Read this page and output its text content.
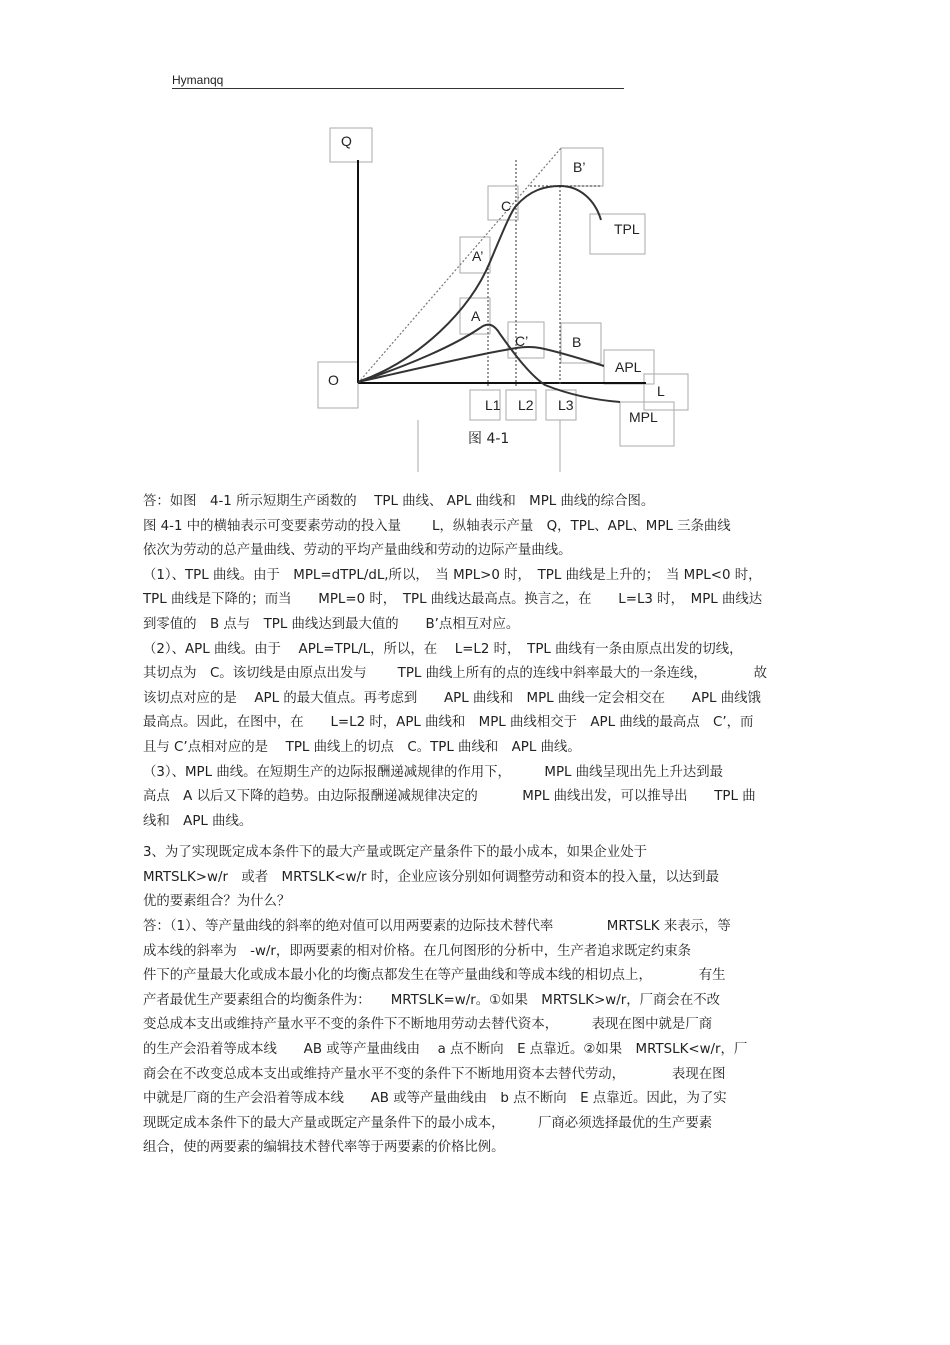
Hymanqq
Q
B’
C
TPL
A’
A
C’	B
APL
O
L
MPL
L1 L2 L3
图 4-1
答：如图　4-1 所示短期生产函数的　 TPL 曲线、 APL 曲线和　MPL 曲线的综合图。
图 4-1 中的横轴表示可变要素劳动的投入量　　 L，纵轴表示产量　Q，TPL、APL、MPL 三条曲线
依次为劳动的总产量曲线、劳动的平均产量曲线和劳动的边际产量曲线。
（1）、TPL 曲线。由于　MPL=dTPL/dL,所以，　当 MPL>0 时，　TPL 曲线是上升的；　当 MPL<0 时，
TPL 曲线是下降的；而当　　MPL=0 时，　TPL 曲线达最高点。换言之，在　　L=L3 时，　MPL 曲线达
到零值的　B 点与　TPL 曲线达到最大值的　　B’点相互对应。
（2）、APL 曲线。由于　 APL=TPL/L，所以，在　 L=L2 时，　TPL 曲线有一条由原点出发的切线，
其切点为　C。该切线是由原点出发与　　 TPL 曲线上所有的点的连线中斜率最大的一条连线，　　　　故
该切点对应的是　 APL 的最大值点。再考虑到　　APL 曲线和　MPL 曲线一定会相交在　　APL 曲线饿
最高点。因此，在图中，在　　L=L2 时，APL 曲线和　MPL 曲线相交于　APL 曲线的最高点　C’，而
且与 C’点相对应的是　 TPL 曲线上的切点　C。TPL 曲线和　APL 曲线。
（3）、MPL 曲线。在短期生产的边际报酬递减规律的作用下，　　　MPL 曲线呈现出先上升达到最
高点　A 以后又下降的趋势。由边际报酬递减规律决定的　　　 MPL 曲线出发，可以推导出　　TPL 曲
线和　APL 曲线。
3、为了实现既定成本条件下的最大产量或既定产量条件下的最小成本，如果企业处于
MRTSLK>w/r　或者　MRTSLK<w/r 时，企业应该分别如何调整劳动和资本的投入量，以达到最
优的要素组合？为什么？
答：（1）、等产量曲线的斜率的绝对值可以用两要素的边际技术替代率　　　　MRTSLK 来表示，等
成本线的斜率为　-w/r，即两要素的相对价格。在几何图形的分析中，生产者追求既定约束条
件下的产量最大化或成本最小化的均衡点都发生在等产量曲线和等成本线的相切点上，　　　　有生
产者最优生产要素组合的均衡条件为：　　MRTSLK=w/r。①如果　MRTSLK>w/r，厂商会在不改
变总成本支出或维持产量水平不变的条件下不断地用劳动去替代资本，　　　表现在图中就是厂商
的生产会沿着等成本线　　AB 或等产量曲线由　 a 点不断向　E 点靠近。②如果　MRTSLK<w/r，厂
商会在不改变总成本支出或维持产量水平不变的条件下不断地用资本去替代劳动，　　　　表现在图
中就是厂商的生产会沿着等成本线　　AB 或等产量曲线由　b 点不断向　E 点靠近。因此，为了实
现既定成本条件下的最大产量或既定产量条件下的最小成本，　　　厂商必须选择最优的生产要素
组合，使的两要素的编辑技术替代率等于两要素的价格比例。
